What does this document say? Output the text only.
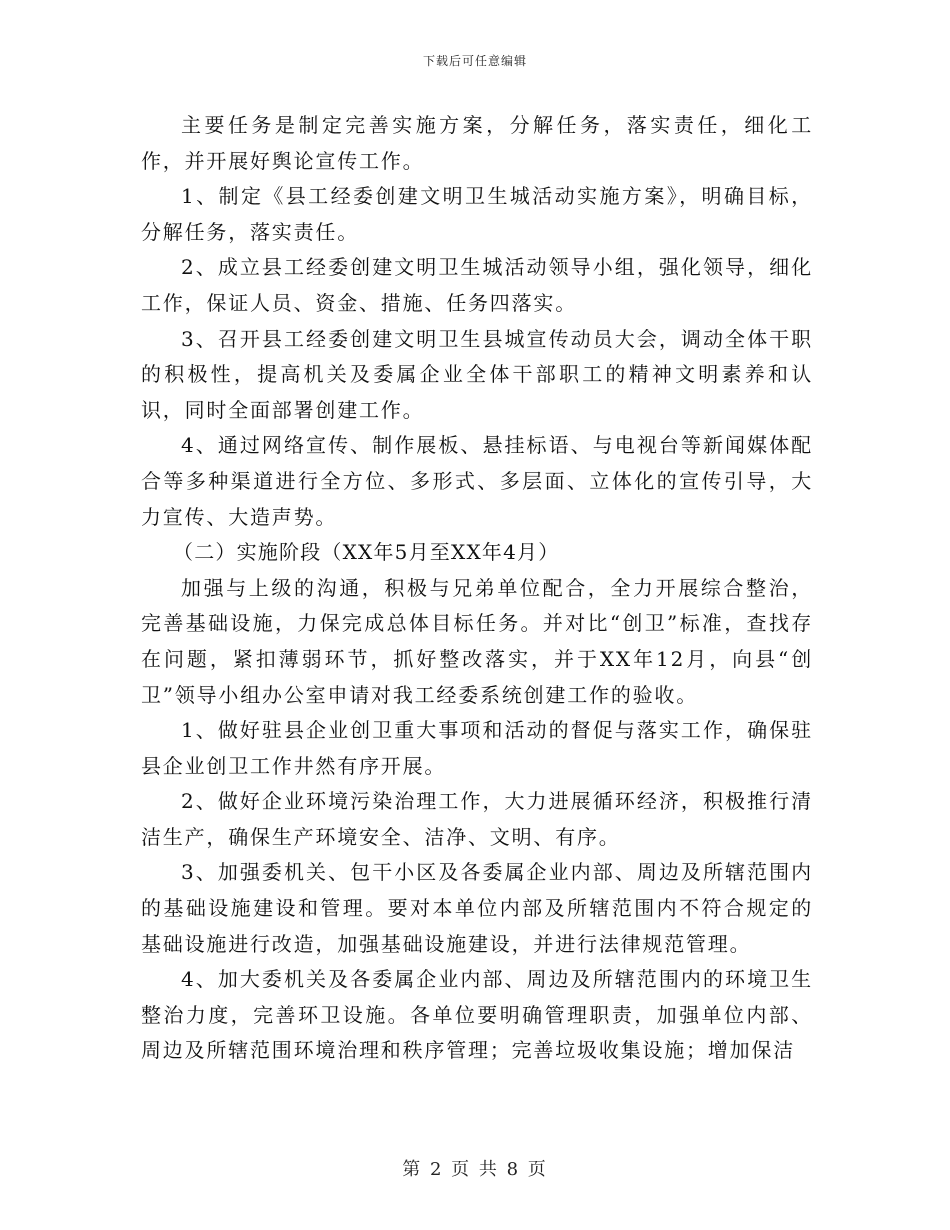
下载后可任意编辑

主要任务是制定完善实施方案，分解任务，落实责任，细化工作，并开展好舆论宣传工作。

1、制定《县工经委创建文明卫生城活动实施方案》，明确目标，分解任务，落实责任。

2、成立县工经委创建文明卫生城活动领导小组，强化领导，细化工作，保证人员、资金、措施、任务四落实。

3、召开县工经委创建文明卫生县城宣传动员大会，调动全体干职的积极性，提高机关及委属企业全体干部职工的精神文明素养和认识，同时全面部署创建工作。

4、通过网络宣传、制作展板、悬挂标语、与电视台等新闻媒体配合等多种渠道进行全方位、多形式、多层面、立体化的宣传引导，大力宣传、大造声势。

（二）实施阶段（XX年5月至XX年4月）

加强与上级的沟通，积极与兄弟单位配合，全力开展综合整治，完善基础设施，力保完成总体目标任务。并对比“创卫”标准，查找存在问题，紧扣薄弱环节，抓好整改落实，并于XX年12月，向县“创卫”领导小组办公室申请对我工经委系统创建工作的验收。

1、做好驻县企业创卫重大事项和活动的督促与落实工作，确保驻县企业创卫工作井然有序开展。

2、做好企业环境污染治理工作，大力进展循环经济，积极推行清洁生产，确保生产环境安全、洁净、文明、有序。

3、加强委机关、包干小区及各委属企业内部、周边及所辖范围内的基础设施建设和管理。要对本单位内部及所辖范围内不符合规定的基础设施进行改造，加强基础设施建设，并进行法律规范管理。

4、加大委机关及各委属企业内部、周边及所辖范围内的环境卫生整治力度，完善环卫设施。各单位要明确管理职责，加强单位内部、周边及所辖范围环境治理和秩序管理；完善垃圾收集设施；增加保洁

第 2 页 共 8 页
